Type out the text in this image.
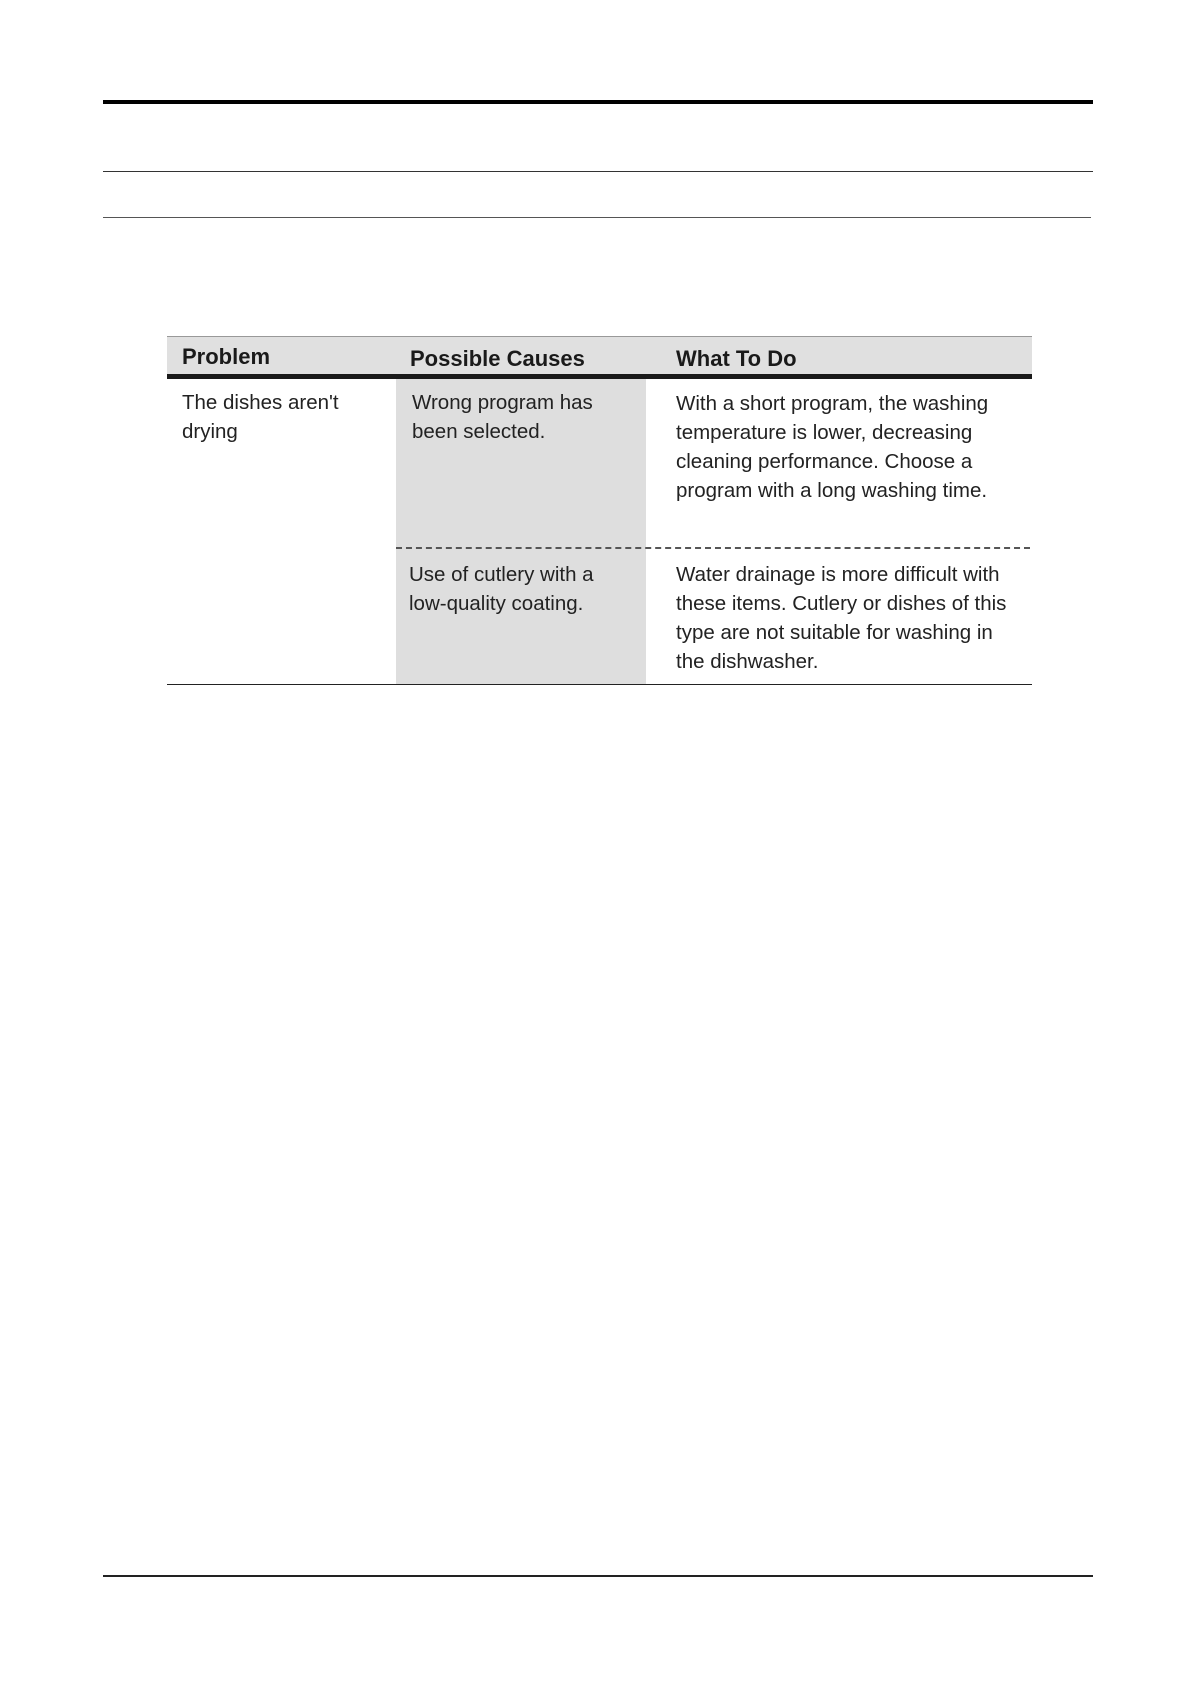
Problem	Possible Causes	What To Do
The dishes aren't drying
Wrong program has been selected.
With a short program, the washing temperature is lower, decreasing cleaning performance. Choose a program with a long washing time.
Use of cutlery with a low-quality coating.
Water drainage is more difficult with these items. Cutlery or dishes of this type are not suitable for washing in the dishwasher.
